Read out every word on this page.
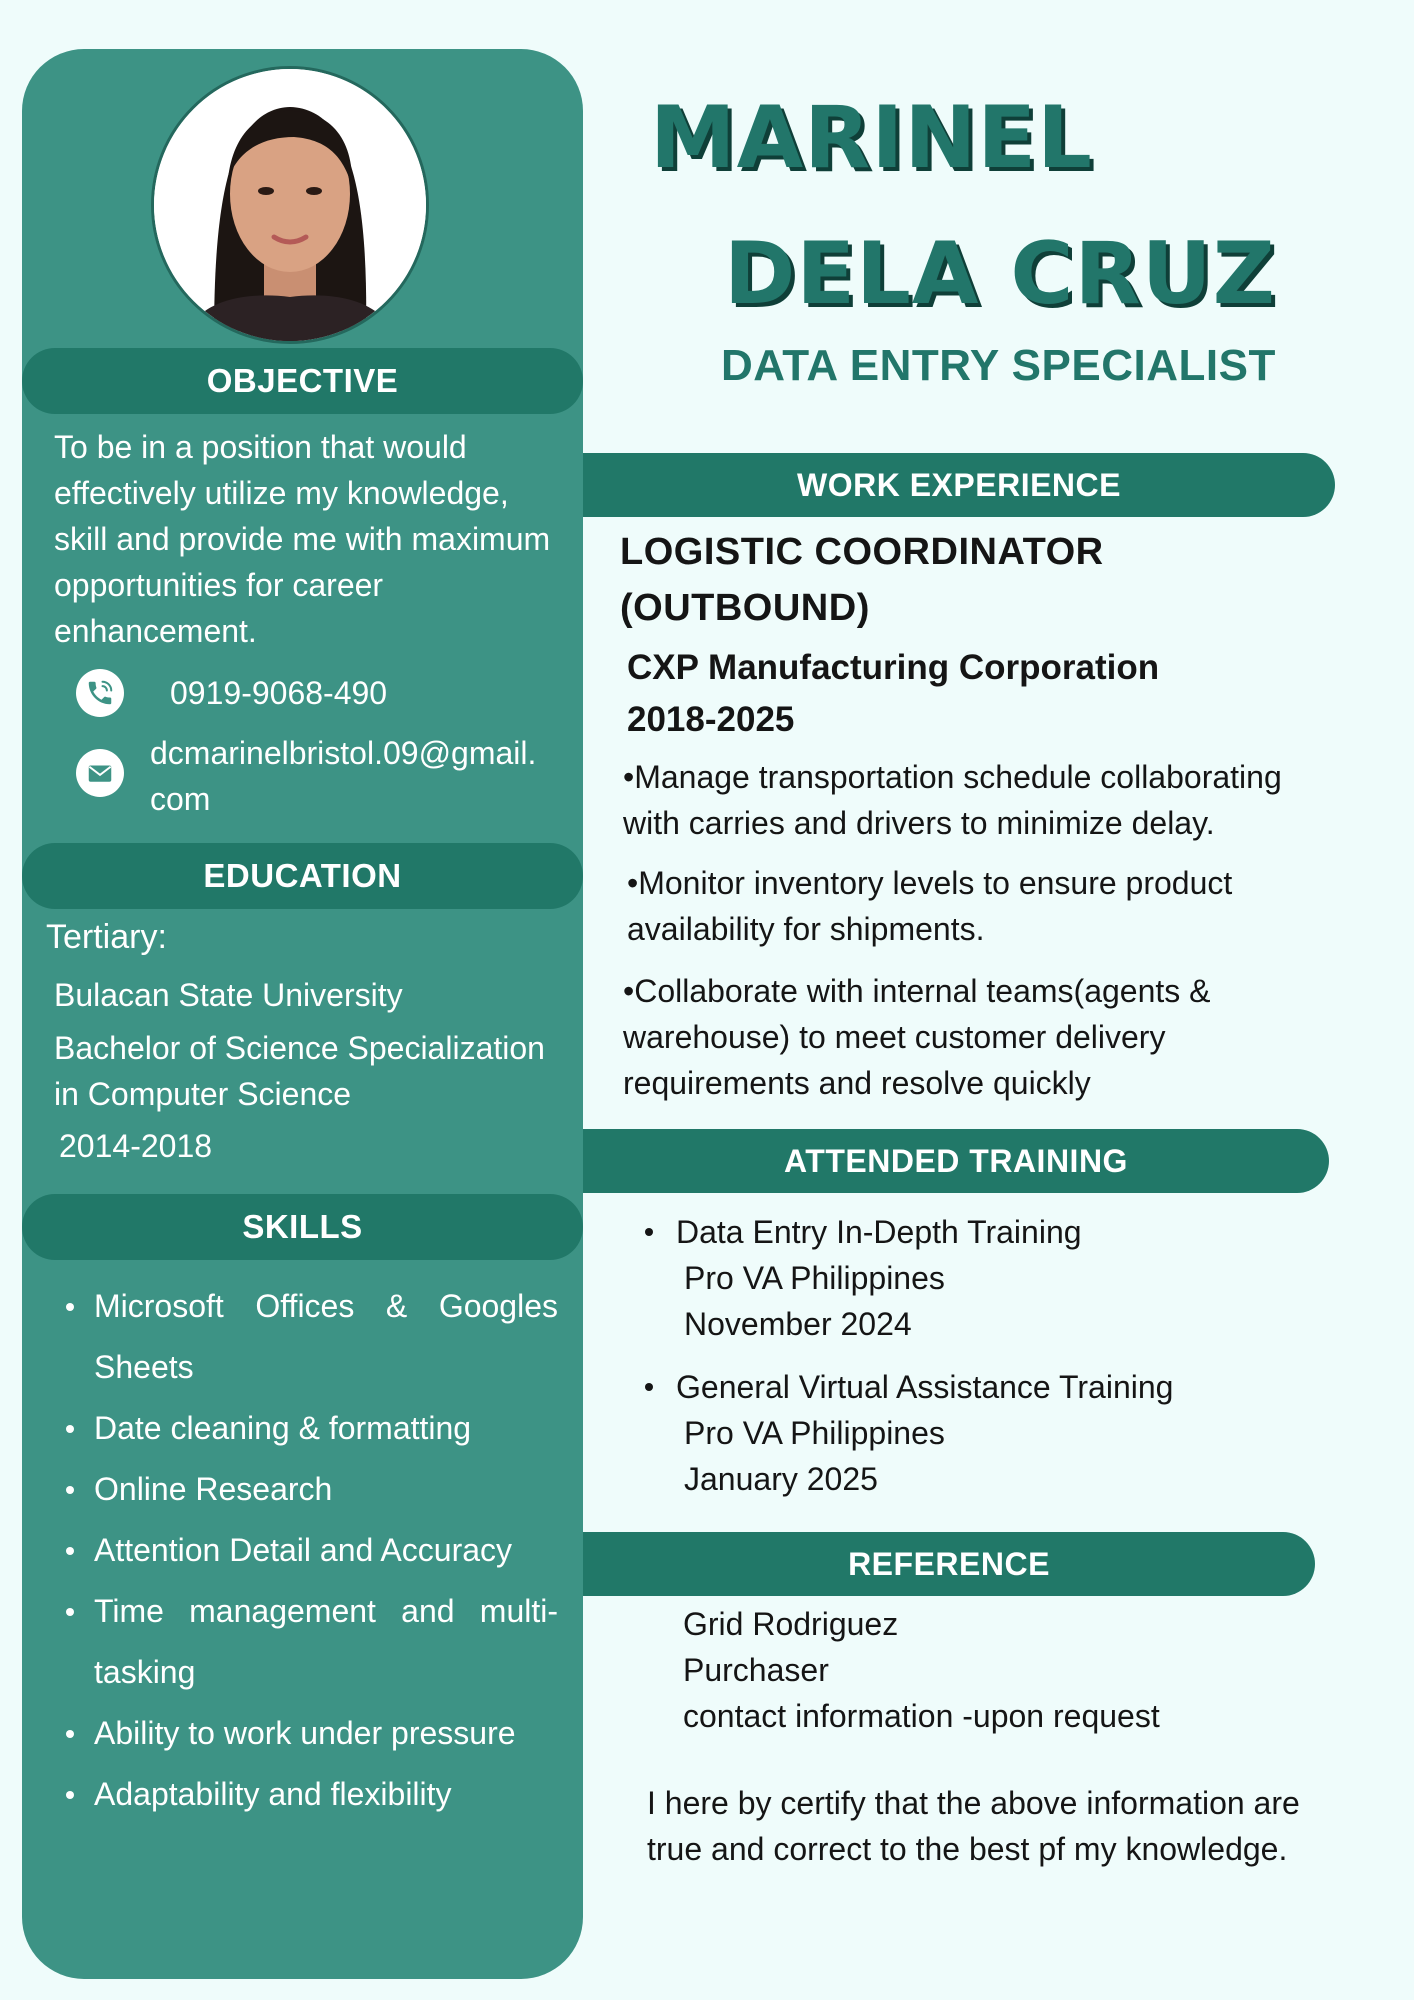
OBJECTIVE
To be in a position that would
effectively utilize my knowledge,
skill and provide me with maximum
opportunities for career
enhancement.
0919-9068-490
dcmarinelbristol.09@gmail.
com
EDUCATION
Tertiary:
Bulacan State University
Bachelor of Science Specialization
in Computer Science
2014-2018
SKILLS
Microsoft Offices & Googles Sheets
Date cleaning & formatting
Online Research
Attention Detail and Accuracy
Time management and multi-tasking
Ability to work under pressure
Adaptability and flexibility
MARINEL
DELA CRUZ
DATA ENTRY SPECIALIST
WORK EXPERIENCE
LOGISTIC COORDINATOR
(OUTBOUND)
CXP Manufacturing Corporation
2018-2025
•Manage transportation schedule collaborating
with carries and drivers to minimize delay.
•Monitor inventory levels to ensure product
availability for shipments.
•Collaborate with internal teams(agents &
warehouse) to meet customer delivery
requirements and resolve quickly
ATTENDED TRAINING
Data Entry In-Depth Training
Pro VA Philippines
November 2024
General Virtual Assistance Training
Pro VA Philippines
January 2025
REFERENCE
Grid Rodriguez
Purchaser
contact information -upon request
I here by certify that the above information are
true and correct to the best pf my knowledge.
